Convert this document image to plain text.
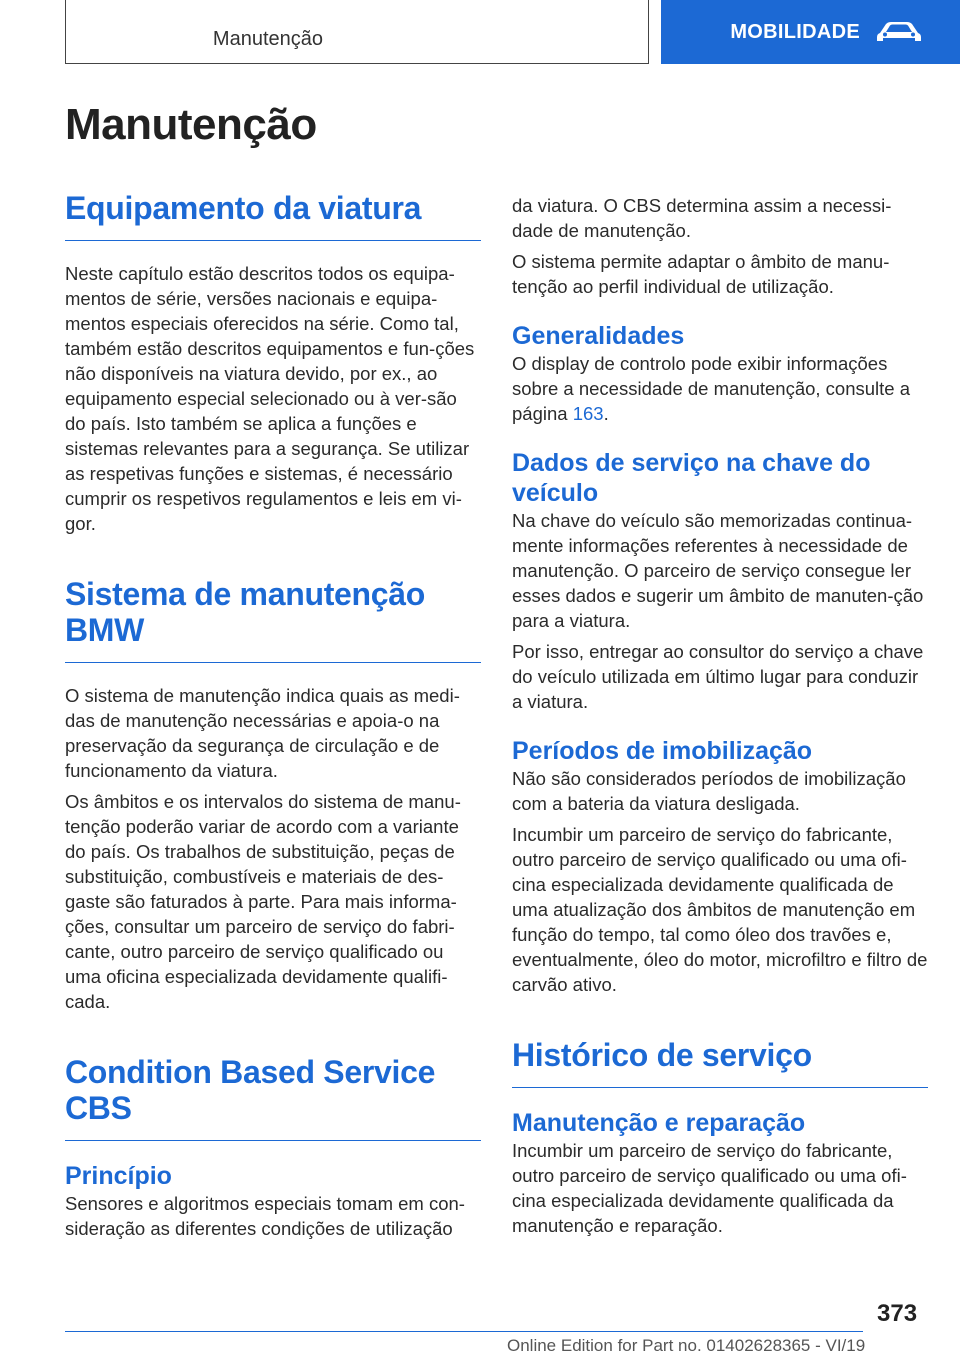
Manutenção	MOBILIDADE
Manutenção
Equipamento da viatura

Neste capítulo estão descritos todos os equipa-mentos de série, versões nacionais e equipa-mentos especiais oferecidos na série. Como tal, também estão descritos equipamentos e fun-ções não disponíveis na viatura devido, por ex., ao equipamento especial selecionado ou à ver-são do país. Isto também se aplica a funções e sistemas relevantes para a segurança. Se utilizar as respetivas funções e sistemas, é necessário cumprir os respetivos regulamentos e leis em vi-gor.

Sistema de manutenção BMW

O sistema de manutenção indica quais as medi-das de manutenção necessárias e apoia-o na preservação da segurança de circulação e de funcionamento da viatura.

Os âmbitos e os intervalos do sistema de manu-tenção poderão variar de acordo com a variante do país. Os trabalhos de substituição, peças de substituição, combustíveis e materiais de des-gaste são faturados à parte. Para mais informa-ções, consultar um parceiro de serviço do fabri-cante, outro parceiro de serviço qualificado ou uma oficina especializada devidamente qualifi-cada.

Condition Based Service CBS
Princípio

Sensores e algoritmos especiais tomam em con-sideração as diferentes condições de utilização

da viatura. O CBS determina assim a necessi-dade de manutenção.

O sistema permite adaptar o âmbito de manu-tenção ao perfil individual de utilização.

Generalidades

O display de controlo pode exibir informações sobre a necessidade de manutenção, consulte a página 163.

Dados de serviço na chave do veículo

Na chave do veículo são memorizadas continua-mente informações referentes à necessidade de manutenção. O parceiro de serviço consegue ler esses dados e sugerir um âmbito de manuten-ção para a viatura.

Por isso, entregar ao consultor do serviço a chave do veículo utilizada em último lugar para conduzir a viatura.

Períodos de imobilização

Não são considerados períodos de imobilização com a bateria da viatura desligada.

Incumbir um parceiro de serviço do fabricante, outro parceiro de serviço qualificado ou uma ofi-cina especializada devidamente qualificada de uma atualização dos âmbitos de manutenção em função do tempo, tal como óleo dos travões e, eventualmente, óleo do motor, microfiltro e filtro de carvão ativo.

Histórico de serviço
Manutenção e reparação

Incumbir um parceiro de serviço do fabricante, outro parceiro de serviço qualificado ou uma ofi-cina especializada devidamente qualificada da manutenção e reparação.

373
Online Edition for Part no. 01402628365 - VI/19
